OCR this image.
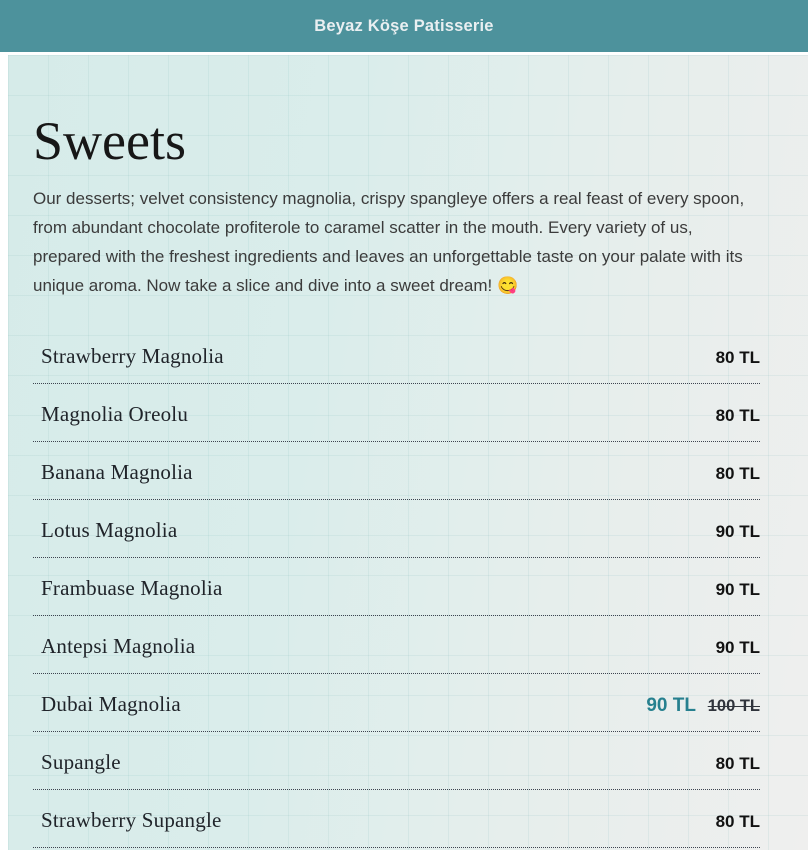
Beyaz Köşe Patisserie
Sweets

Our desserts; velvet consistency magnolia, crispy spangleye offers a real feast of every spoon, from abundant chocolate profiterole to caramel scatter in the mouth. Every variety of us, prepared with the freshest ingredients and leaves an unforgettable taste on your palate with its unique aroma. Now take a slice and dive into a sweet dream! 😋

Strawberry Magnolia	80 TL
Magnolia Oreolu	80 TL
Banana Magnolia	80 TL
Lotus Magnolia	90 TL
Frambuase Magnolia	90 TL
Antepsi Magnolia	90 TL
Dubai Magnolia	90 TL 100 TL
Supangle	80 TL
Strawberry Supangle	80 TL
